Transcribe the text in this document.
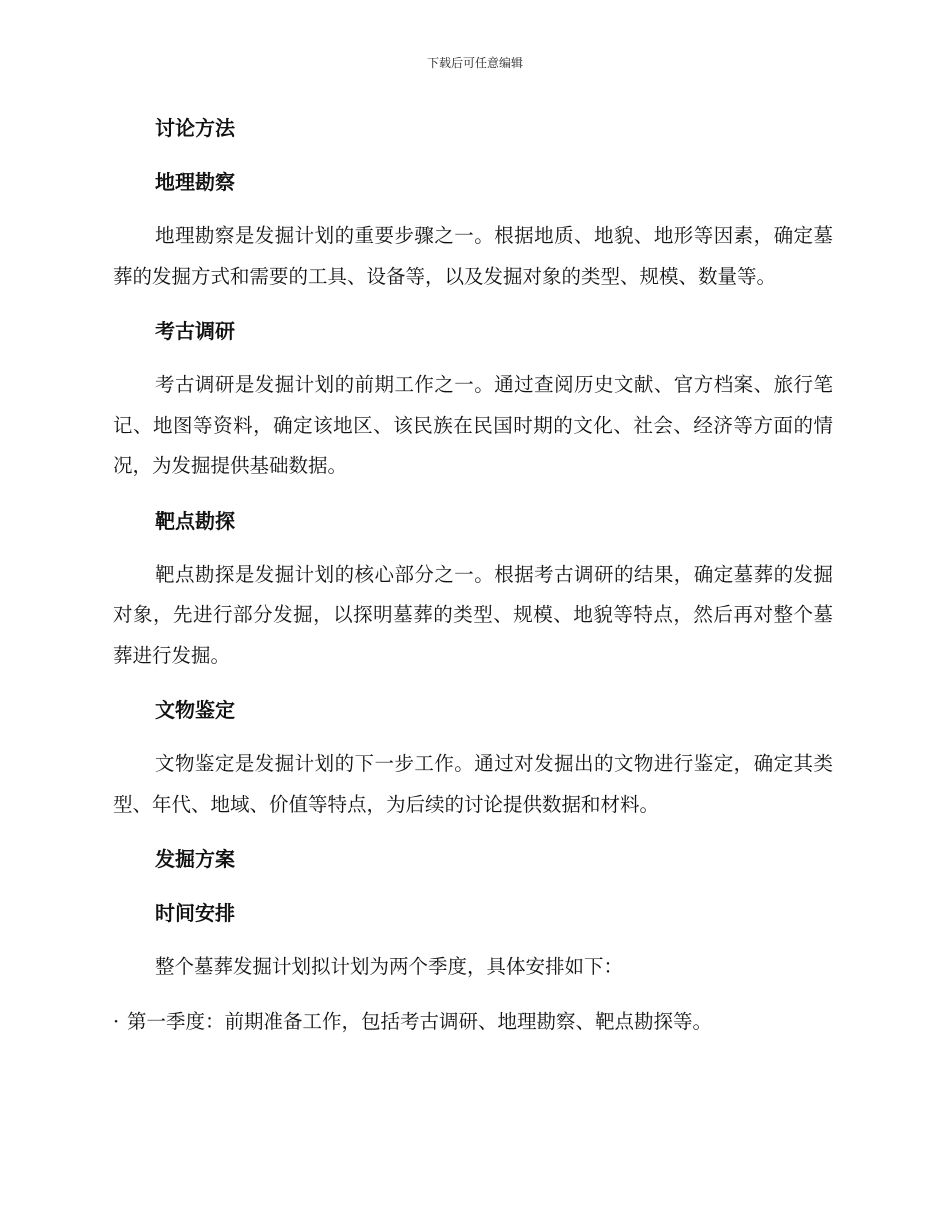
下载后可任意编辑
讨论方法
地理勘察
地理勘察是发掘计划的重要步骤之一。根据地质、地貌、地形等因素，确定墓葬的发掘方式和需要的工具、设备等，以及发掘对象的类型、规模、数量等。
考古调研
考古调研是发掘计划的前期工作之一。通过查阅历史文献、官方档案、旅行笔记、地图等资料，确定该地区、该民族在民国时期的文化、社会、经济等方面的情况，为发掘提供基础数据。
靶点勘探
靶点勘探是发掘计划的核心部分之一。根据考古调研的结果，确定墓葬的发掘对象，先进行部分发掘，以探明墓葬的类型、规模、地貌等特点，然后再对整个墓葬进行发掘。
文物鉴定
文物鉴定是发掘计划的下一步工作。通过对发掘出的文物进行鉴定，确定其类型、年代、地域、价值等特点，为后续的讨论提供数据和材料。
发掘方案
时间安排
整个墓葬发掘计划拟计划为两个季度，具体安排如下：
· 第一季度：前期准备工作，包括考古调研、地理勘察、靶点勘探等。
